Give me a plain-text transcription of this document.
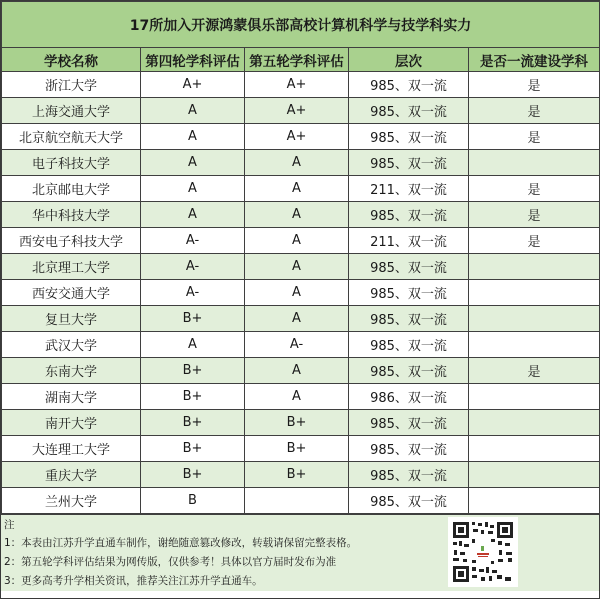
17所加入开源鸿蒙俱乐部高校计算机科学与技学科实力				
学校名称	第四轮学科评估	第五轮学科评估	层次	是否一流建设学科
浙江大学	A+	A+	985、双一流	是
上海交通大学	A	A+	985、双一流	是
北京航空航天大学	A	A+	985、双一流	是
电子科技大学	A	A	985、双一流	
北京邮电大学	A	A	211、双一流	是
华中科技大学	A	A	985、双一流	是
西安电子科技大学	A-	A	211、双一流	是
北京理工大学	A-	A	985、双一流	
西安交通大学	A-	A	985、双一流	
复旦大学	B+	A	985、双一流	
武汉大学	A	A-	985、双一流	
东南大学	B+	A	985、双一流	是
湖南大学	B+	A	986、双一流	
南开大学	B+	B+	985、双一流	
大连理工大学	B+	B+	985、双一流	
重庆大学	B+	B+	985、双一流	
兰州大学	B		985、双一流	
注
1：本表由江苏升学直通车制作，谢绝随意篡改修改，转载请保留完整表格。
2：第五轮学科评估结果为网传版，仅供参考！具体以官方届时发布为准
3：更多高考升学相关资讯，推荐关注江苏升学直通车。
